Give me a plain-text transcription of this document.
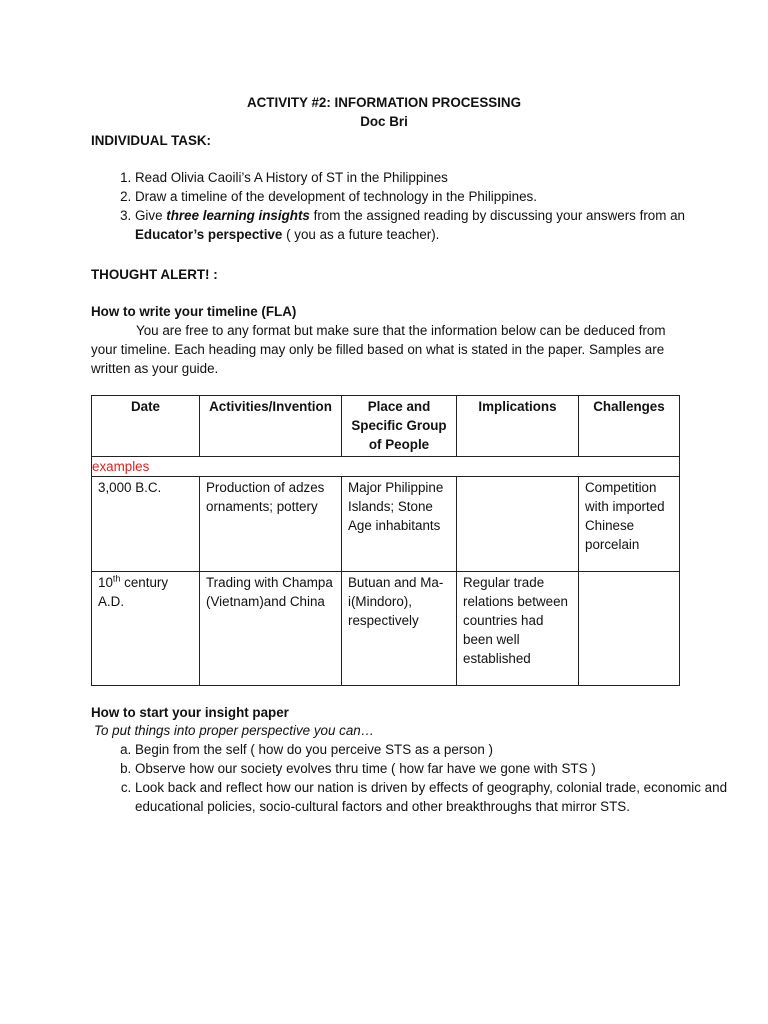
ACTIVITY #2: INFORMATION PROCESSING
Doc Bri
INDIVIDUAL TASK:
1. Read Olivia Caoili’s A History of ST in the Philippines
2. Draw a timeline of the development of technology in the Philippines.
3. Give three learning insights from the assigned reading by discussing your answers from an Educator’s perspective ( you as a future teacher).
THOUGHT ALERT! :
How to write your timeline (FLA)
You are free to any format but make sure that the information below can be deduced from your timeline. Each heading may only be filled based on what is stated in the paper. Samples are written as your guide.
Date	Activities/Invention	Place and Specific Group of People	Implications	Challenges
examples				
3,000 B.C.	Production of adzes ornaments; pottery	Major Philippine Islands; Stone Age inhabitants		Competition with imported Chinese porcelain
10th century A.D.	Trading with Champa (Vietnam)and China	Butuan and Ma-i(Mindoro), respectively	Regular trade relations between countries had been well established	
How to start your insight paper
To put things into proper perspective you can…
a. Begin from the self ( how do you perceive STS as a person )
b. Observe how our society evolves thru time ( how far have we gone with STS )
c. Look back and reflect how our nation is driven by effects of geography, colonial trade, economic and educational policies, socio-cultural factors and other breakthroughs that mirror STS.
